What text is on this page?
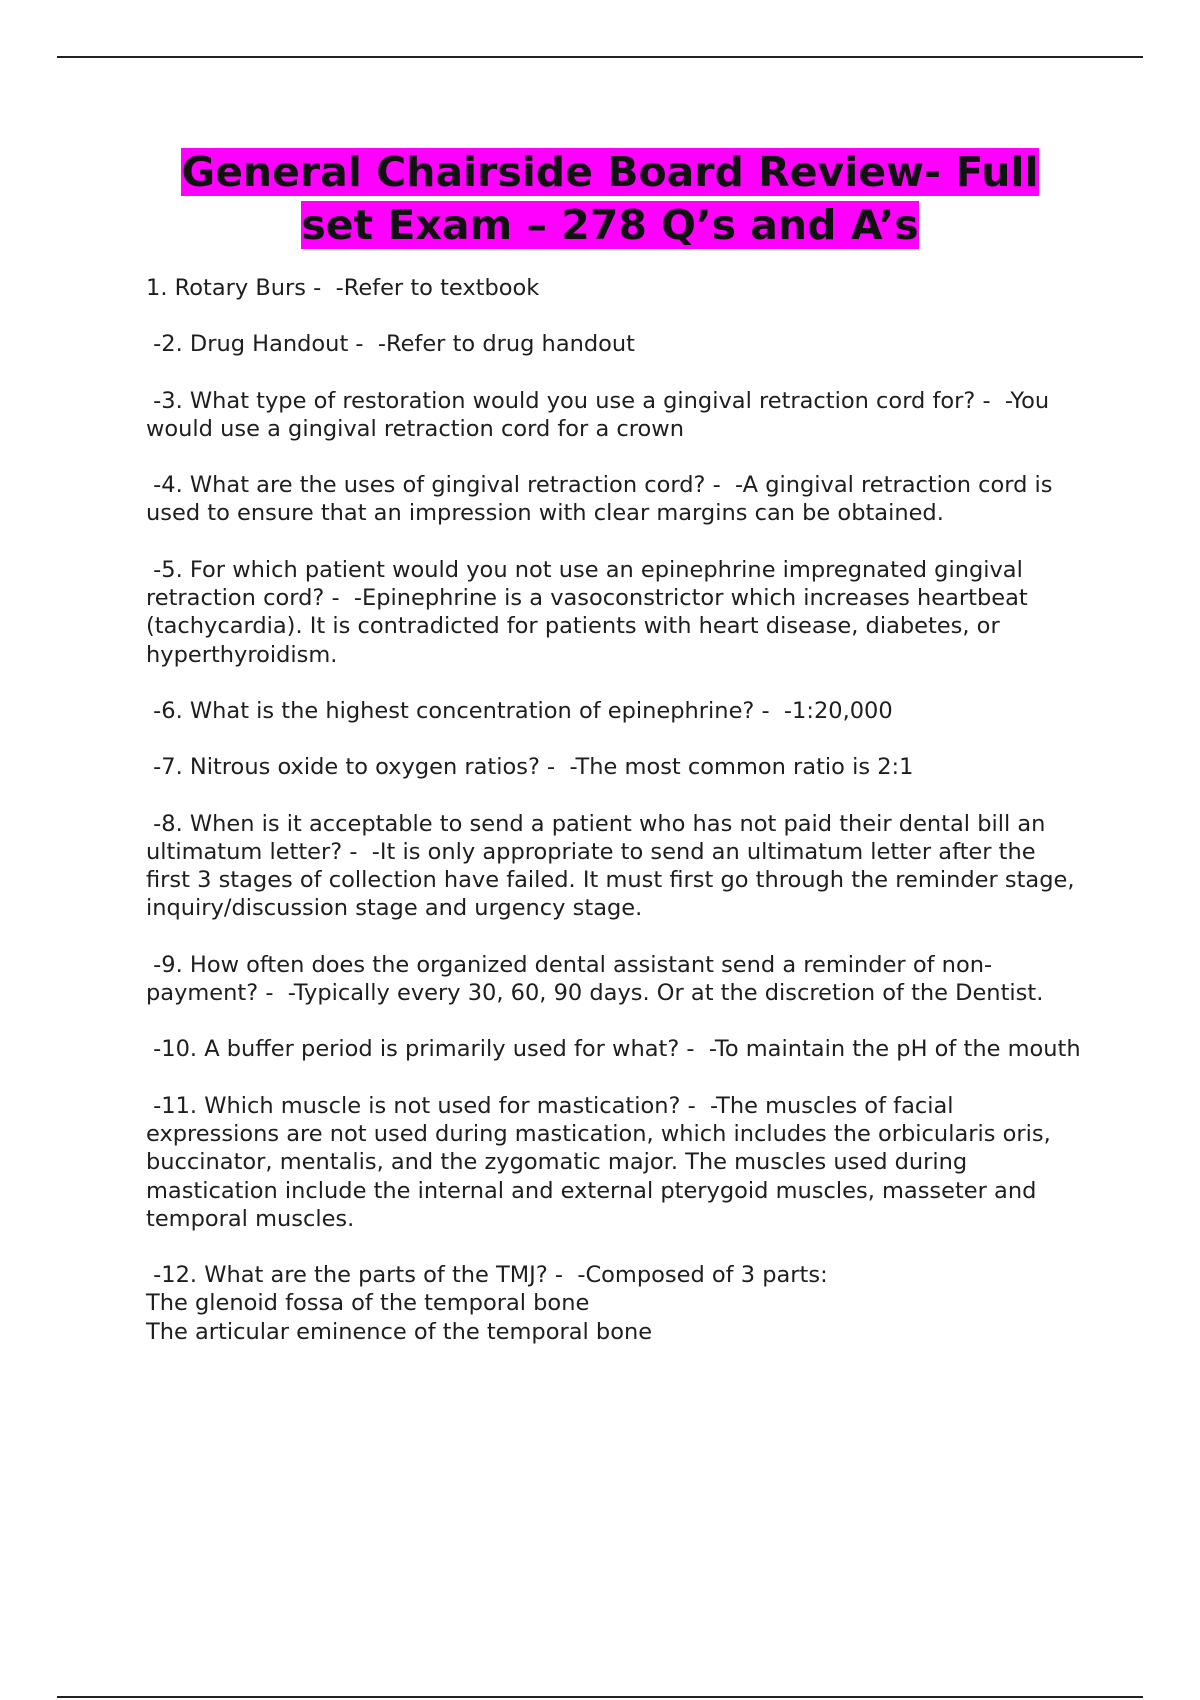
General Chairside Board Review- Full set Exam – 278 Q’s and A’s

1. Rotary Burs -  -Refer to textbook

-2. Drug Handout -  -Refer to drug handout

-3. What type of restoration would you use a gingival retraction cord for? -  -You would use a gingival retraction cord for a crown

-4. What are the uses of gingival retraction cord? -  -A gingival retraction cord is used to ensure that an impression with clear margins can be obtained.

-5. For which patient would you not use an epinephrine impregnated gingival retraction cord? -  -Epinephrine is a vasoconstrictor which increases heartbeat (tachycardia). It is contradicted for patients with heart disease, diabetes, or hyperthyroidism.

-6. What is the highest concentration of epinephrine? -  -1:20,000

-7. Nitrous oxide to oxygen ratios? -  -The most common ratio is 2:1

-8. When is it acceptable to send a patient who has not paid their dental bill an ultimatum letter? -  -It is only appropriate to send an ultimatum letter after the first 3 stages of collection have failed. It must first go through the reminder stage, inquiry/discussion stage and urgency stage.

-9. How often does the organized dental assistant send a reminder of non-payment? -  -Typically every 30, 60, 90 days. Or at the discretion of the Dentist.

-10. A buffer period is primarily used for what? -  -To maintain the pH of the mouth

-11. Which muscle is not used for mastication? -  -The muscles of facial expressions are not used during mastication, which includes the orbicularis oris, buccinator, mentalis, and the zygomatic major. The muscles used during mastication include the internal and external pterygoid muscles, masseter and temporal muscles.

-12. What are the parts of the TMJ? -  -Composed of 3 parts:
The glenoid fossa of the temporal bone
The articular eminence of the temporal bone
